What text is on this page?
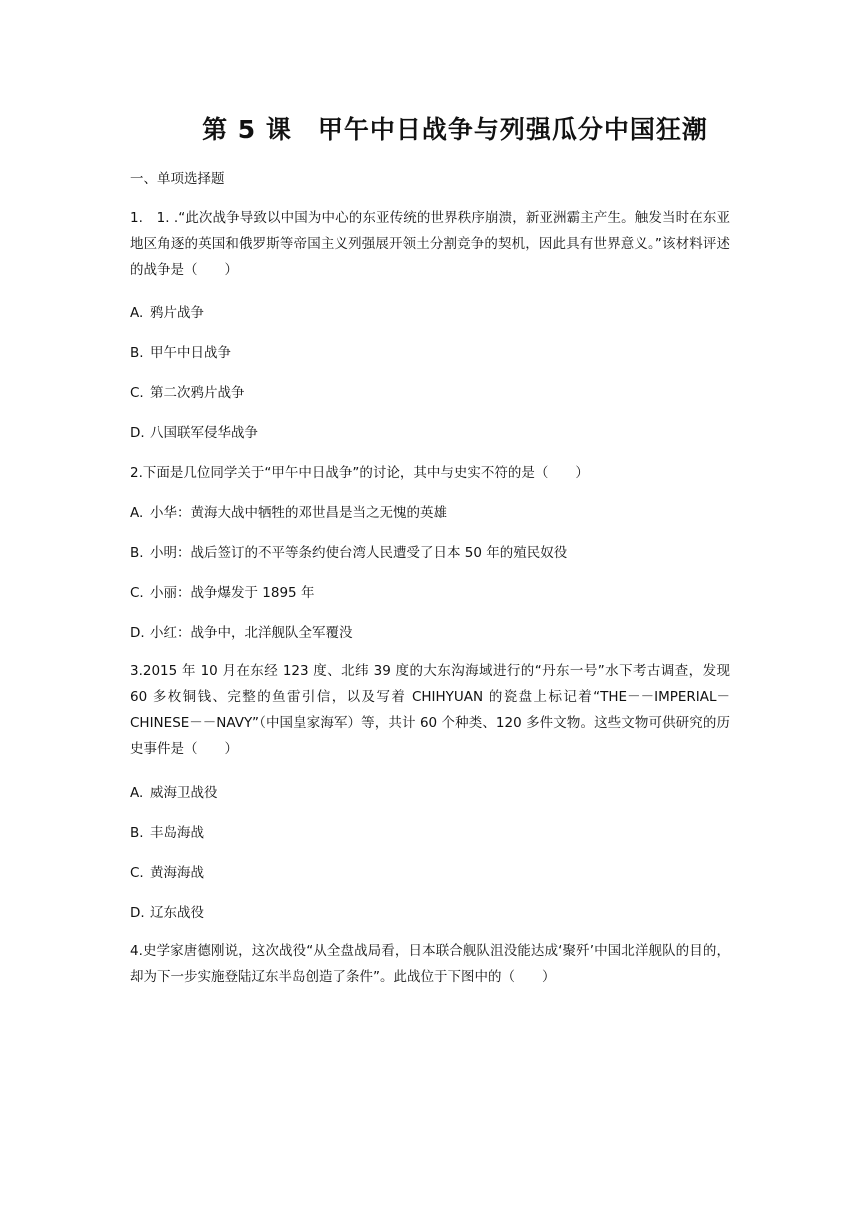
第 5 课　甲午中日战争与列强瓜分中国狂潮
一、单项选择题
1.　1. .“此次战争导致以中国为中心的东亚传统的世界秩序崩溃，新亚洲霸主产生。触发当时在东亚地区角逐的英国和俄罗斯等帝国主义列强展开领土分割竞争的契机，因此具有世界意义。”该材料评述的战争是（　　）
A. 鸦片战争
B. 甲午中日战争
C. 第二次鸦片战争
D. 八国联军侵华战争
2.下面是几位同学关于“甲午中日战争”的讨论，其中与史实不符的是（　　）
A. 小华：黄海大战中牺牲的邓世昌是当之无愧的英雄
B. 小明：战后签订的不平等条约使台湾人民遭受了日本 50 年的殖民奴役
C. 小丽：战争爆发于 1895 年
D. 小红：战争中，北洋舰队全军覆没
3.2015 年 10 月在东经 123 度、北纬 39 度的大东沟海域进行的“丹东一号”水下考古调查，发现 60 多枚铜钱、完整的鱼雷引信，以及写着 CHIHYUAN 的瓷盘上标记着“THE－－IMPERIAL－CHINESE－－NAVY”（中国皇家海军）等，共计 60 个种类、120 多件文物。这些文物可供研究的历史事件是（　　）
A. 威海卫战役
B. 丰岛海战
C. 黄海海战
D. 辽东战役
4.史学家唐德刚说，这次战役“从全盘战局看，日本联合舰队沮没能达成‘聚歼’中国北洋舰队的目的，却为下一步实施登陆辽东半岛创造了条件”。此战位于下图中的（　　）
